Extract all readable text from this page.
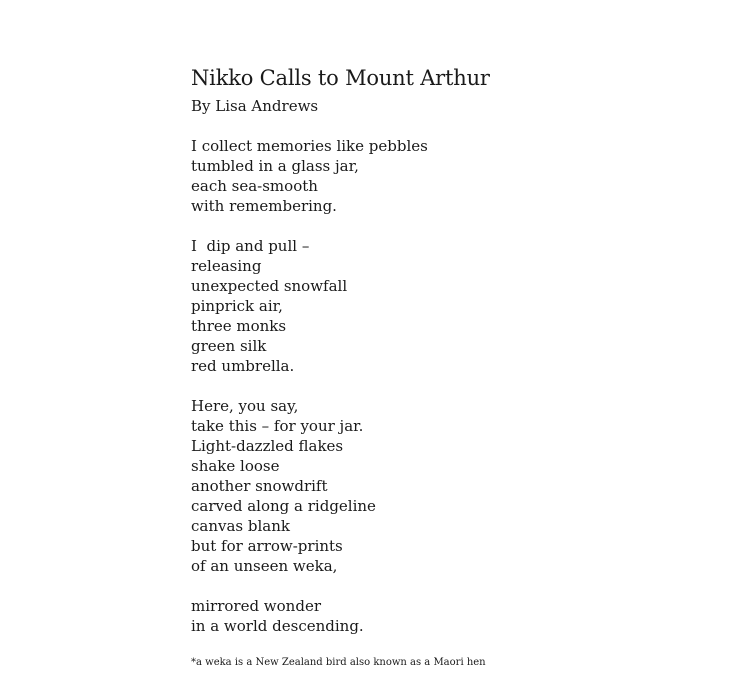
Nikko Calls to Mount Arthur

By Lisa Andrews

I collect memories like pebbles
tumbled in a glass jar,
each sea-smooth
with remembering.
I  dip and pull –
releasing
unexpected snowfall
pinprick air,
three monks
green silk
red umbrella.
Here, you say,
take this – for your jar.
Light-dazzled flakes
shake loose
another snowdrift
carved along a ridgeline
canvas blank
but for arrow-prints
of an unseen weka,
mirrored wonder
in a world descending.
*a weka is a New Zealand bird also known as a Maori hen
